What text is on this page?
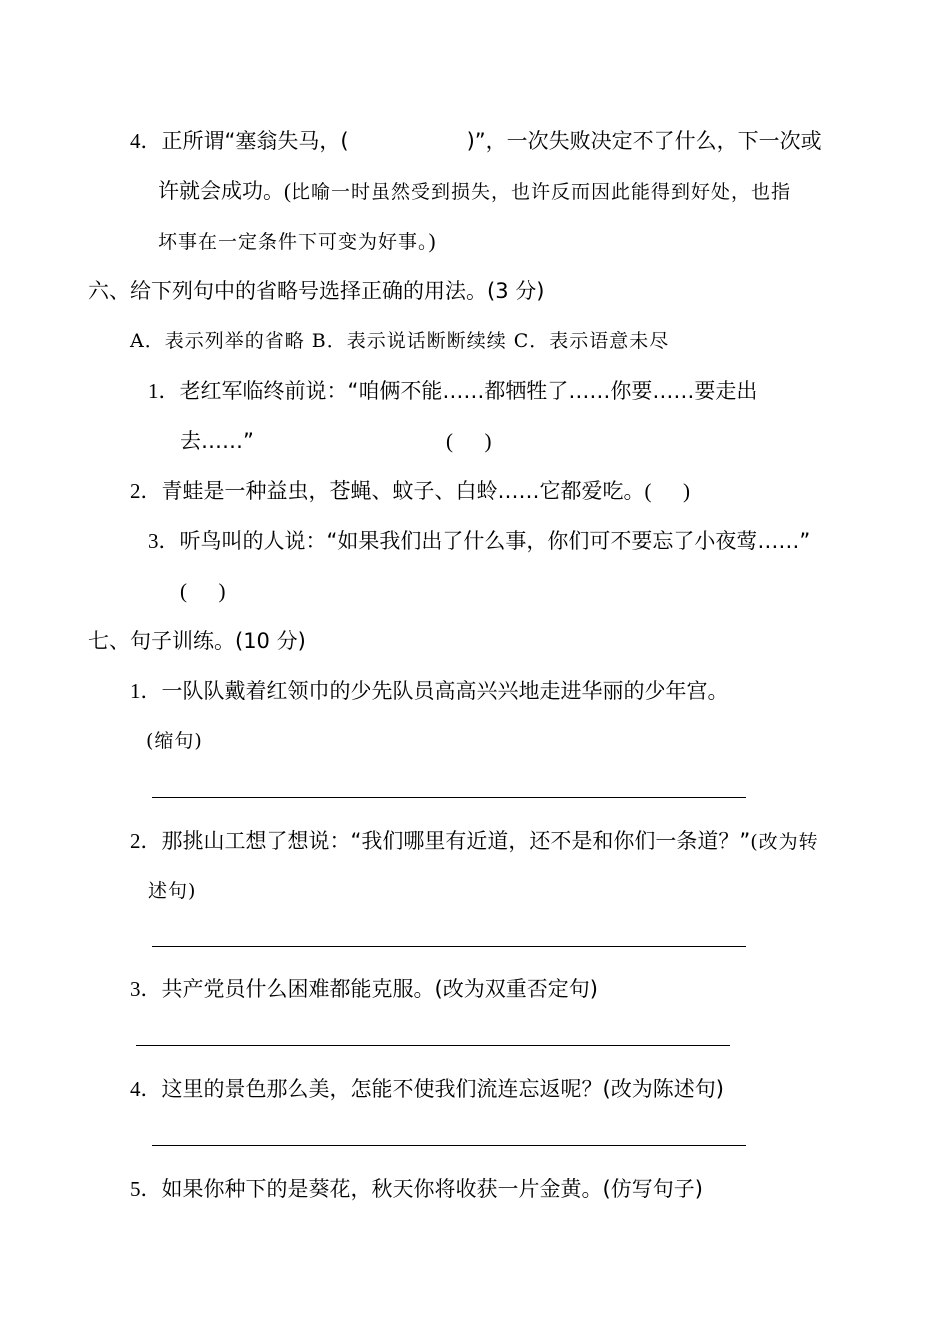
4．正所谓“塞翁失马，(	)”，一次失败决定不了什么，下一次或
许就会成功。(比喻一时虽然受到损失，也许反而因此能得到好处，也指
坏事在一定条件下可变为好事。)
六、给下列句中的省略号选择正确的用法。(3 分)
A．表示列举的省略 B．表示说话断断续续 C．表示语意未尽
1．老红军临终前说：“咱俩不能……都牺牲了……你要……要走出
去……”	(      )
2．青蛙是一种益虫，苍蝇、蚊子、白蛉……它都爱吃。(      )
3．听鸟叫的人说：“如果我们出了什么事，你们可不要忘了小夜莺……”
(      )
七、句子训练。(10 分)
1．一队队戴着红领巾的少先队员高高兴兴地走进华丽的少年宫。
(缩句)
2．那挑山工想了想说：“我们哪里有近道，还不是和你们一条道？”(改为转
述句)
3．共产党员什么困难都能克服。(改为双重否定句)
4．这里的景色那么美，怎能不使我们流连忘返呢？(改为陈述句)
5．如果你种下的是葵花，秋天你将收获一片金黄。(仿写句子)
